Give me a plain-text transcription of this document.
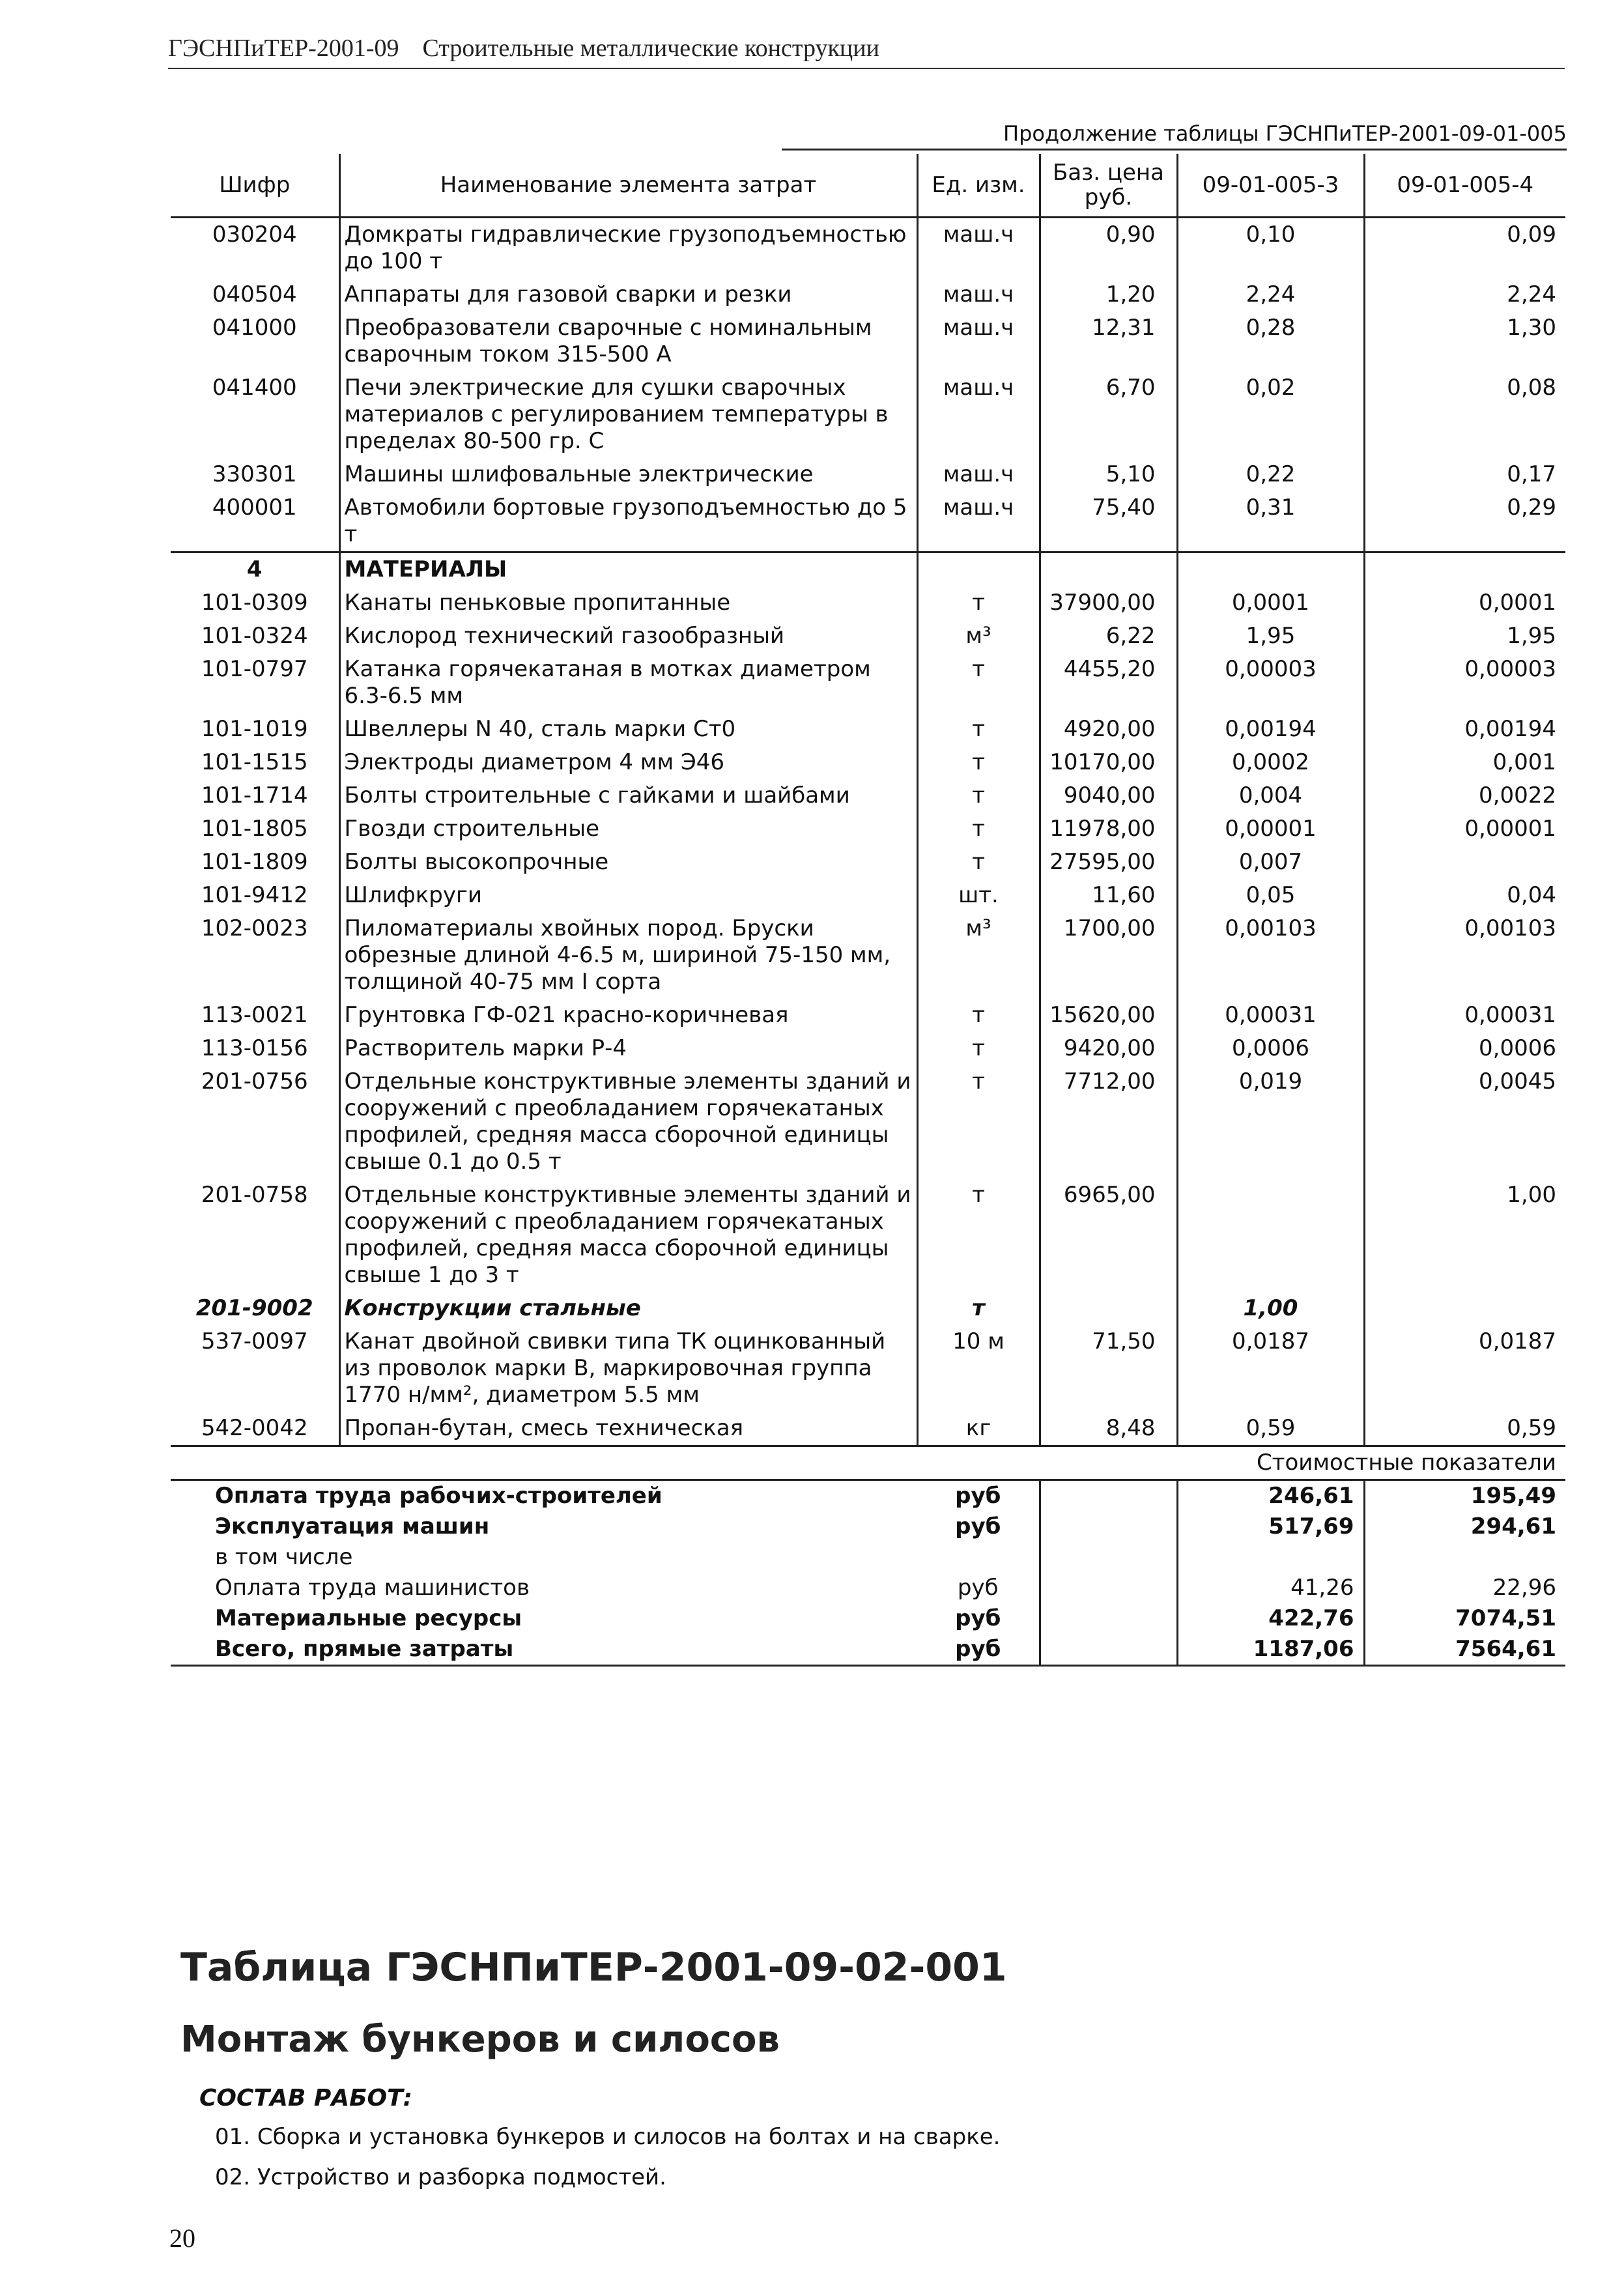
ГЭСНПиТЕР-2001-09 Строительные металлические конструкции
Продолжение таблицы ГЭСНПиТЕР-2001-09-01-005
Шифр	Наименование элемента затрат	Ед. изм.	Баз. цена руб.	09-01-005-3	09-01-005-4
030204	Домкраты гидравлические грузоподъемностью до 100 т	маш.ч	0,90	0,10	0,09
040504	Аппараты для газовой сварки и резки	маш.ч	1,20	2,24	2,24
041000	Преобразователи сварочные с номинальным сварочным током 315-500 А	маш.ч	12,31	0,28	1,30
041400	Печи электрические для сушки сварочных материалов с регулированием температуры в пределах 80-500 гр. С	маш.ч	6,70	0,02	0,08
330301	Машины шлифовальные электрические	маш.ч	5,10	0,22	0,17
400001	Автомобили бортовые грузоподъемностью до 5 т	маш.ч	75,40	0,31	0,29
4	МАТЕРИАЛЫ				
101-0309	Канаты пеньковые пропитанные	т	37900,00	0,0001	0,0001
101-0324	Кислород технический газообразный	м³	6,22	1,95	1,95
101-0797	Катанка горячекатаная в мотках диаметром 6.3-6.5 мм	т	4455,20	0,00003	0,00003
101-1019	Швеллеры N 40, сталь марки Ст0	т	4920,00	0,00194	0,00194
101-1515	Электроды диаметром 4 мм Э46	т	10170,00	0,0002	0,001
101-1714	Болты строительные с гайками и шайбами	т	9040,00	0,004	0,0022
101-1805	Гвозди строительные	т	11978,00	0,00001	0,00001
101-1809	Болты высокопрочные	т	27595,00	0,007	
101-9412	Шлифкруги	шт.	11,60	0,05	0,04
102-0023	Пиломатериалы хвойных пород. Бруски обрезные длиной 4-6.5 м, шириной 75-150 мм, толщиной 40-75 мм I сорта	м³	1700,00	0,00103	0,00103
113-0021	Грунтовка ГФ-021 красно-коричневая	т	15620,00	0,00031	0,00031
113-0156	Растворитель марки Р-4	т	9420,00	0,0006	0,0006
201-0756	Отдельные конструктивные элементы зданий и сооружений с преобладанием горячекатаных профилей, средняя масса сборочной единицы свыше 0.1 до 0.5 т	т	7712,00	0,019	0,0045
201-0758	Отдельные конструктивные элементы зданий и сооружений с преобладанием горячекатаных профилей, средняя масса сборочной единицы свыше 1 до 3 т	т	6965,00		1,00
201-9002	Конструкции стальные	т		1,00	
537-0097	Канат двойной свивки типа ТК оцинкованный из проволок марки В, маркировочная группа 1770 н/мм², диаметром 5.5 мм	10 м	71,50	0,0187	0,0187
542-0042	Пропан-бутан, смесь техническая	кг	8,48	0,59	0,59
Стоимостные показатели					
Оплата труда рабочих-строителей		руб		246,61	195,49
Эксплуатация машин		руб		517,69	294,61
в том числе					
Оплата труда машинистов		руб		41,26	22,96
Материальные ресурсы		руб		422,76	7074,51
Всего, прямые затраты		руб		1187,06	7564,61
Таблица ГЭСНПиТЕР-2001-09-02-001
Монтаж бункеров и силосов
СОСТАВ РАБОТ:
01. Сборка и установка бункеров и силосов на болтах и на сварке.
02. Устройство и разборка подмостей.
20
